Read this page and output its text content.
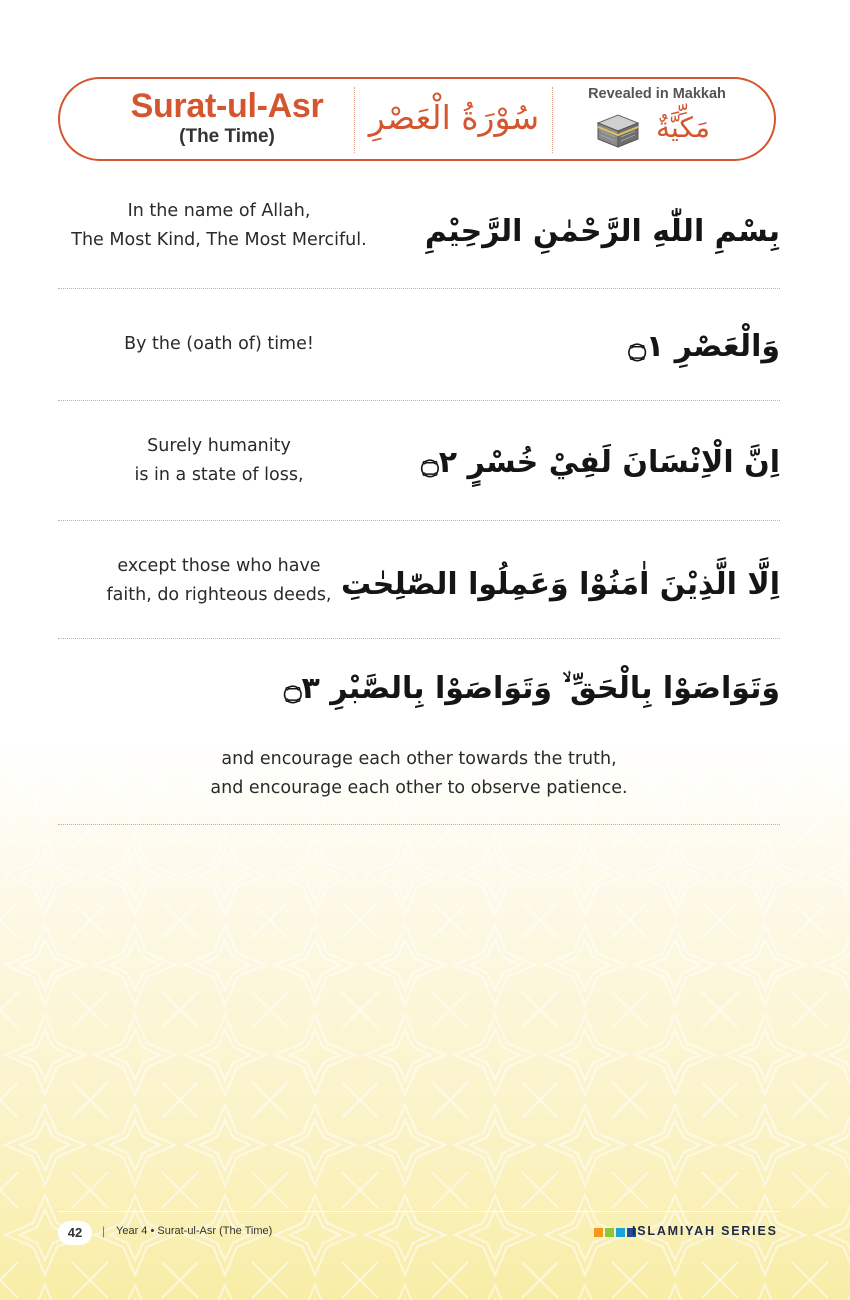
Surat-ul-Asr
(The Time)	سُوْرَةُ الْعَصْرِ
Revealed in Makkah
مَكِّيَّةٌ
In the name of Allah,
The Most Kind, The Most Merciful.	بِسْمِ اللّٰهِ الرَّحْمٰنِ الرَّحِيْمِ
By the (oath of) time!	وَالْعَصْرِ ۝١
Surely humanity
is in a state of loss,	اِنَّ الْاِنْسَانَ لَفِيْ خُسْرٍ ۝٢
except those who have
faith, do righteous deeds, اِلَّا الَّذِيْنَ اٰمَنُوْا وَعَمِلُوا الصّٰلِحٰتِ
وَتَوَاصَوْا بِالْحَقِّ ۙ وَتَوَاصَوْا بِالصَّبْرِ ۝٣
and encourage each other towards the truth,
and encourage each other to observe patience.
42	| Year 4 • Surat-ul-Asr (The Time)	ISLAMIYAH SERIES
